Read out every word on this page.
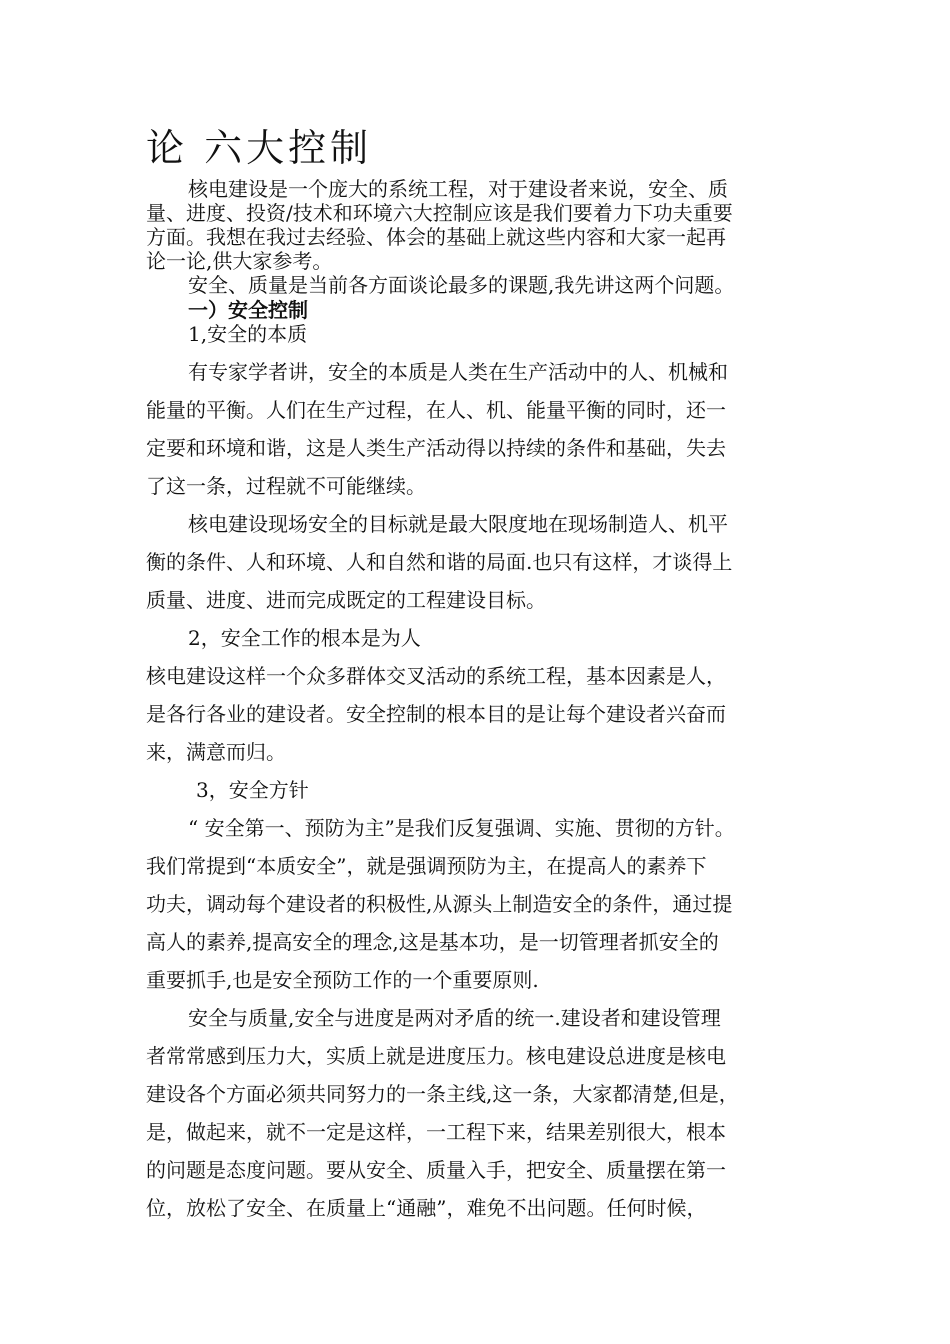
论 六大控制
核电建设是一个庞大的系统工程，对于建设者来说，安全、质
量、进度、投资/技术和环境六大控制应该是我们要着力下功夫重要
方面。我想在我过去经验、体会的基础上就这些内容和大家一起再
论一论,供大家参考。
安全、质量是当前各方面谈论最多的课题,我先讲这两个问题。
一）安全控制
1,安全的本质
有专家学者讲，安全的本质是人类在生产活动中的人、机械和
能量的平衡。人们在生产过程，在人、机、能量平衡的同时，还一
定要和环境和谐，这是人类生产活动得以持续的条件和基础，失去
了这一条，过程就不可能继续。
核电建设现场安全的目标就是最大限度地在现场制造人、机平
衡的条件、人和环境、人和自然和谐的局面.也只有这样，才谈得上
质量、进度、进而完成既定的工程建设目标。
2，安全工作的根本是为人
核电建设这样一个众多群体交叉活动的系统工程，基本因素是人，
是各行各业的建设者。安全控制的根本目的是让每个建设者兴奋而
来，满意而归。
3，安全方针
“ 安全第一、预防为主”是我们反复强调、实施、贯彻的方针。
我们常提到“本质安全”，就是强调预防为主，在提高人的素养下
功夫，调动每个建设者的积极性,从源头上制造安全的条件，通过提
高人的素养,提高安全的理念,这是基本功，是一切管理者抓安全的
重要抓手,也是安全预防工作的一个重要原则.
安全与质量,安全与进度是两对矛盾的统一.建设者和建设管理
者常常感到压力大，实质上就是进度压力。核电建设总进度是核电
建设各个方面必须共同努力的一条主线,这一条，大家都清楚,但是，
是，做起来，就不一定是这样，一工程下来，结果差别很大，根本
的问题是态度问题。要从安全、质量入手，把安全、质量摆在第一
位，放松了安全、在质量上“通融”，难免不出问题。任何时候，
